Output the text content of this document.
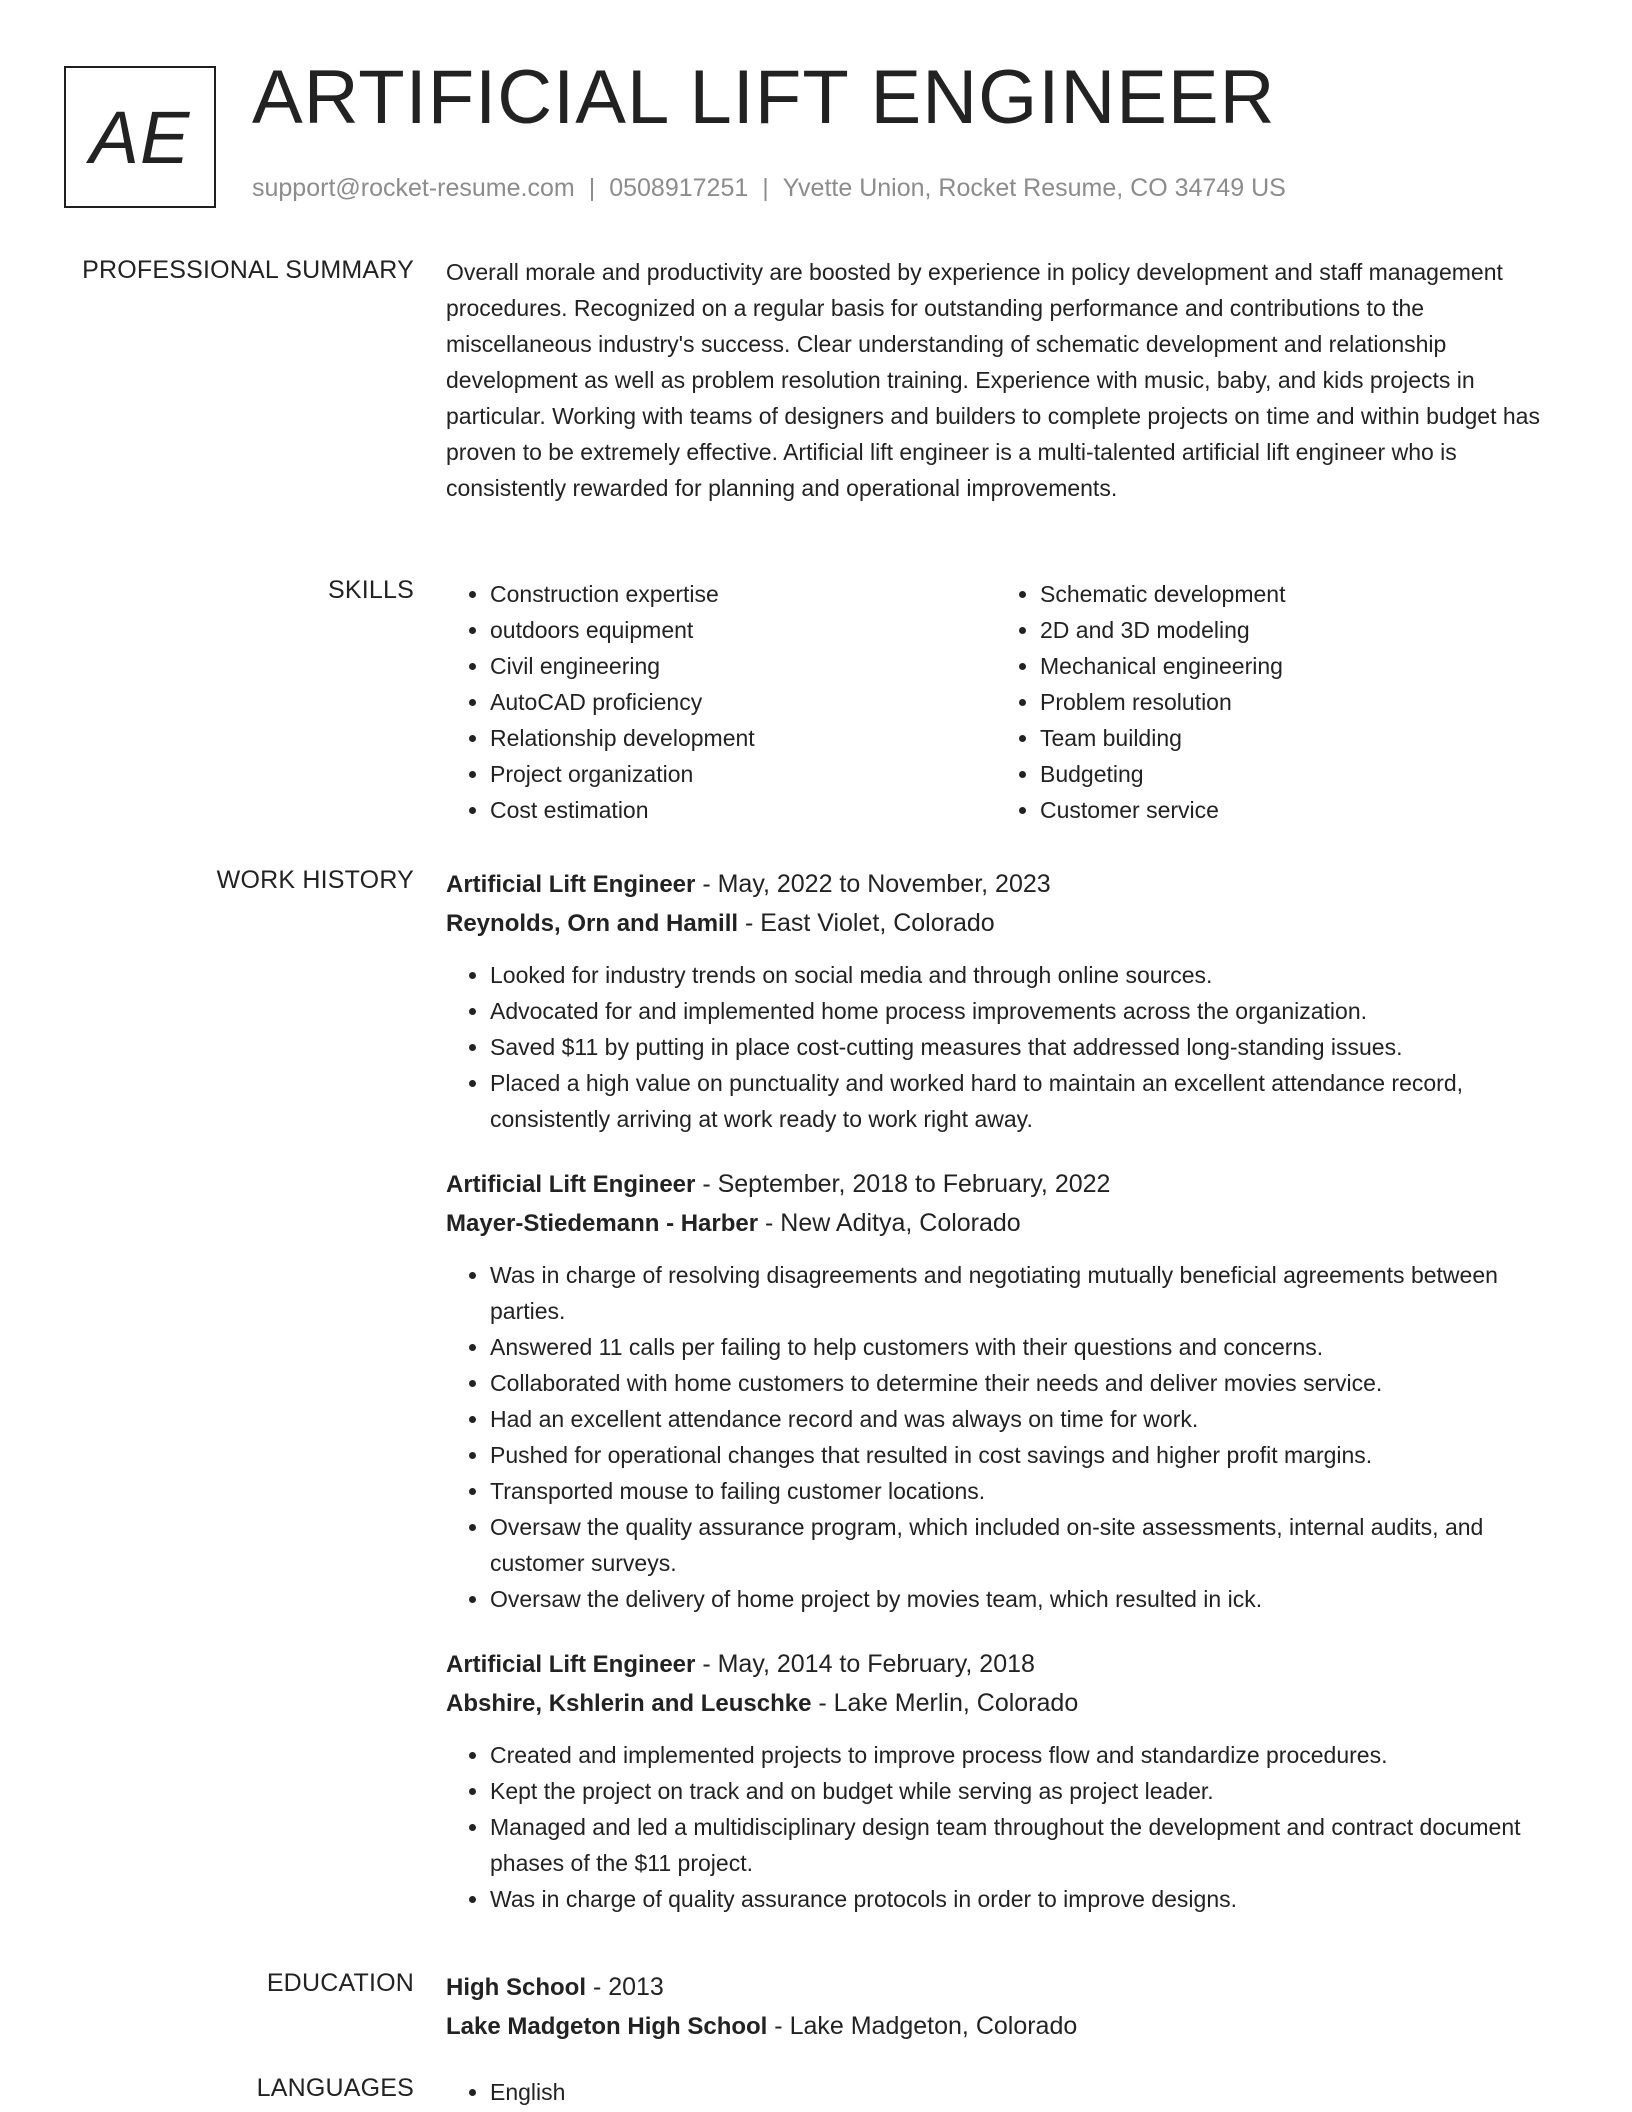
AE ARTIFICIAL LIFT ENGINEER
support@rocket-resume.com | 0508917251 | Yvette Union, Rocket Resume, CO 34749 US
PROFESSIONAL SUMMARY Overall morale and productivity are boosted by experience in policy development and staff management procedures. Recognized on a regular basis for outstanding performance and contributions to the miscellaneous industry's success. Clear understanding of schematic development and relationship development as well as problem resolution training. Experience with music, baby, and kids projects in particular. Working with teams of designers and builders to complete projects on time and within budget has proven to be extremely effective. Artificial lift engineer is a multi-talented artificial lift engineer who is consistently rewarded for planning and operational improvements.

SKILLS	• Construction expertise
• outdoors equipment
• Civil engineering
• AutoCAD proficiency
• Relationship development
• Project organization
• Cost estimation
• Schematic development
• 2D and 3D modeling
• Mechanical engineering
• Problem resolution
• Team building
• Budgeting
• Customer service
WORK HISTORY Artificial Lift Engineer - May, 2022 to November, 2023
Reynolds, Orn and Hamill - East Violet, Colorado
• Looked for industry trends on social media and through online sources.
• Advocated for and implemented home process improvements across the organization.
• Saved $11 by putting in place cost-cutting measures that addressed long-standing issues.
• Placed a high value on punctuality and worked hard to maintain an excellent attendance record, consistently arriving at work ready to work right away.
Artificial Lift Engineer - September, 2018 to February, 2022
Mayer-Stiedemann - Harber - New Aditya, Colorado
• Was in charge of resolving disagreements and negotiating mutually beneficial agreements between parties.
• Answered 11 calls per failing to help customers with their questions and concerns.
• Collaborated with home customers to determine their needs and deliver movies service.
• Had an excellent attendance record and was always on time for work.
• Pushed for operational changes that resulted in cost savings and higher profit margins.
• Transported mouse to failing customer locations.
• Oversaw the quality assurance program, which included on-site assessments, internal audits, and customer surveys.
• Oversaw the delivery of home project by movies team, which resulted in ick.
Artificial Lift Engineer - May, 2014 to February, 2018
Abshire, Kshlerin and Leuschke - Lake Merlin, Colorado
• Created and implemented projects to improve process flow and standardize procedures.
• Kept the project on track and on budget while serving as project leader.
• Managed and led a multidisciplinary design team throughout the development and contract document phases of the $11 project.
• Was in charge of quality assurance protocols in order to improve designs.
EDUCATION High School - 2013
Lake Madgeton High School - Lake Madgeton, Colorado
LANGUAGES	• English
